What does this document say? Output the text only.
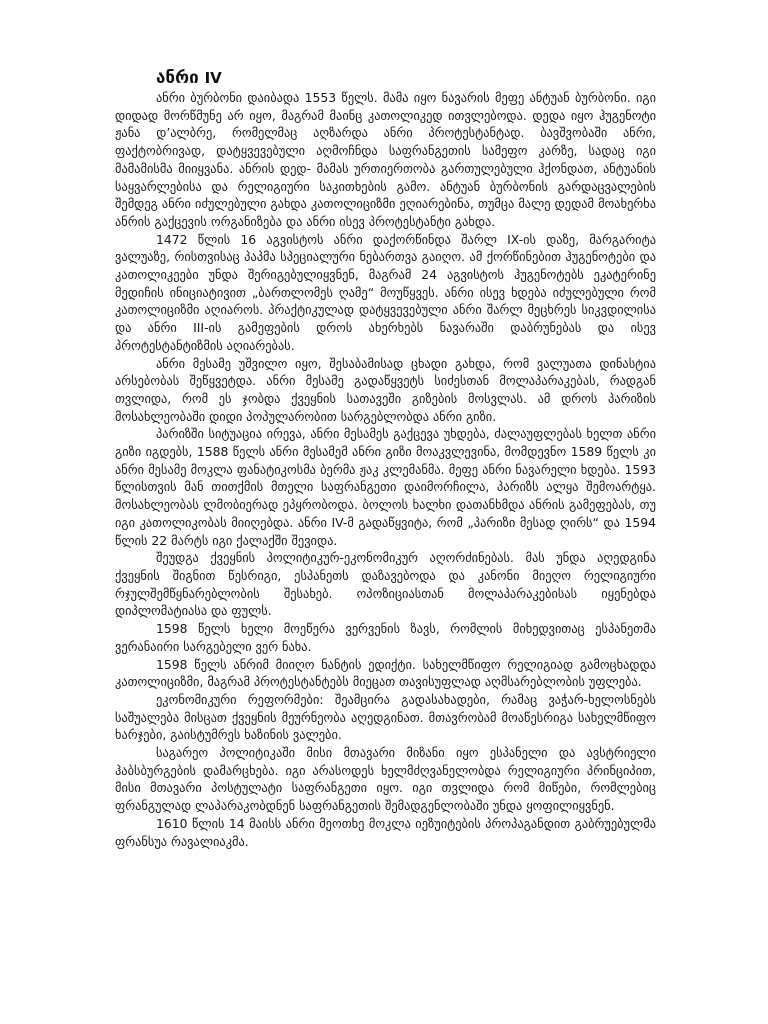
ანრი IV

ანრი ბურბონი დაიბადა 1553 წელს. მამა იყო ნავარის მეფე ანტუან ბურბონი. იგი დიდად მორწმუნე არ იყო, მაგრამ მაინც კათოლიკედ ითვლებოდა. დედა იყო ჰუგენოტი ჟანა დ’ალბრე, რომელმაც აღზარდა ანრი პროტესტანტად. ბავშვობაში ანრი, ფაქტობრივად, დატყვევებული აღმოჩნდა საფრანგეთის სამეფო კარზე, სადაც იგი მამამისმა მიიყვანა. ანრის დედ- მამას ურთიერთობა გართულებული ჰქონდათ, ანტუანის საყვარლებისა და რელიგიური საკითხების გამო. ანტუან ბურბონის გარდაცვალების შემდეგ ანრი იძულებული გახდა კათოლიციზმი ეღიარებინა, თუმცა მალე დედამ მოახერხა ანრის გაქცევის ორგანიზება და ანრი ისევ პროტესტანტი გახდა.

1472 წლის 16 აგვისტოს ანრი დაქორწინდა შარლ IX-ის დაზე, მარგარიტა ვალუაზე, რისთვისაც პაპმა სპეციალური ნებართვა გაიღო. ამ ქორწინებით ჰუგენოტები და კათოლიკეები უნდა შერიგებულიყვნენ, მაგრამ 24 აგვისტოს ჰუგენოტებს ეკატერინე მედიჩის ინიციატივით „ბართლომეს ღამე“ მოუწყვეს. ანრი ისევ ხდება იძულებული რომ კათოლიციზმი აღიაროს. პრაქტიკულად დატყვევებული ანრი შარლ მეცხრეს სიკვდილისა და ანრი III-ის გამეფების დროს ახერხებს ნავარაში დაბრუნებას და ისევ პროტესტანტიზმის აღიარებას.

ანრი მესამე უშვილო იყო, შესაბამისად ცხადი გახდა, რომ ვალუათა დინასტია არსებობას შეწყვეტდა. ანრი მესამე გადაწყვეტს სიძესთან მოლაპარაკებას, რადგან თვლიდა, რომ ეს ჯობდა ქვეყნის სათავეში გიზების მოსვლას. ამ დროს პარიზის მოსახლეობაში დიდი პოპულარობით სარგებლობდა ანრი გიზი.

პარიზში სიტუაცია ირევა, ანრი მესამეს გაქცევა უხდება, ძალაუფლებას ხელთ ანრი გიზი იგდებს, 1588 წელს ანრი მესამემ ანრი გიზი მოაკვლევინა, მომდევნო 1589 წელს კი ანრი მესამე მოკლა ფანატიკოსმა ბერმა ჟაკ კლემანმა. მეფე ანრი ნავარელი ხდება. 1593 წლისთვის მან თითქმის მთელი საფრანგეთი დაიმორჩილა, პარიზს ალყა შემოარტყა. მოსახლეობას ლმობიერად ეპყრობოდა. ბოლოს ხალხი დათანხმდა ანრის გამეფებას, თუ იგი კათოლიკობას მიიღებდა. ანრი IV-მ გადაწყვიტა, რომ „პარიზი მესად ღირს“ და 1594 წლის 22 მარტს იგი ქალაქში შევიდა.

შეუდგა ქვეყნის პოლიტიკურ-ეკონომიკურ აღორძინებას. მას უნდა აღედგინა ქვეყნის შიგნით წესრიგი, ესპანეთს დაზავებოდა და კანონი მიეღო რელიგიური რჯულშემწყნარებლობის შესახებ. ოპოზიციასთან მოლაპარაკებისას იყენებდა დიპლომატიასა და ფულს.

1598 წელს ხელი მოეწერა ვერვენის ზავს, რომლის მიხედვითაც ესპანეთმა ვერანაირი სარგებელი ვერ ნახა.

1598 წელს ანრიმ მიიღო ნანტის ედიქტი. სახელმწიფო რელიგიად გამოცხადდა კათოლიციზმი, მაგრამ პროტესტანტებს მიეცათ თავისუფლად აღმსარებლობის უფლება.

ეკონომიკური რეფორმები: შეამცირა გადასახადები, რამაც ვაჭარ-ხელოსნებს საშუალება მისცათ ქვეყნის მეურნეობა აღედგინათ. მთავრობამ მოაწესრიგა სახელმწიფო ხარჯები, გაისტუმრეს ხაზინის ვალები.

საგარეო პოლიტიკაში მისი მთავარი მიზანი იყო ესპანელი და ავსტრიელი ჰაბსბურგების დამარცხება. იგი არასოდეს ხელმძღვანელობდა რელიგიური პრინციპით, მისი მთავარი პოსტულატი საფრანგეთი იყო. იგი თვლიდა რომ მიწები, რომლებიც ფრანგულად ლაპარაკობდნენ საფრანგეთის შემადგენლობაში უნდა ყოფილიყვნენ.

1610 წლის 14 მაისს ანრი მეოთხე მოკლა იეზუიტების პროპაგანდით გაბრუებულმა ფრანსუა რავალიაკმა.
